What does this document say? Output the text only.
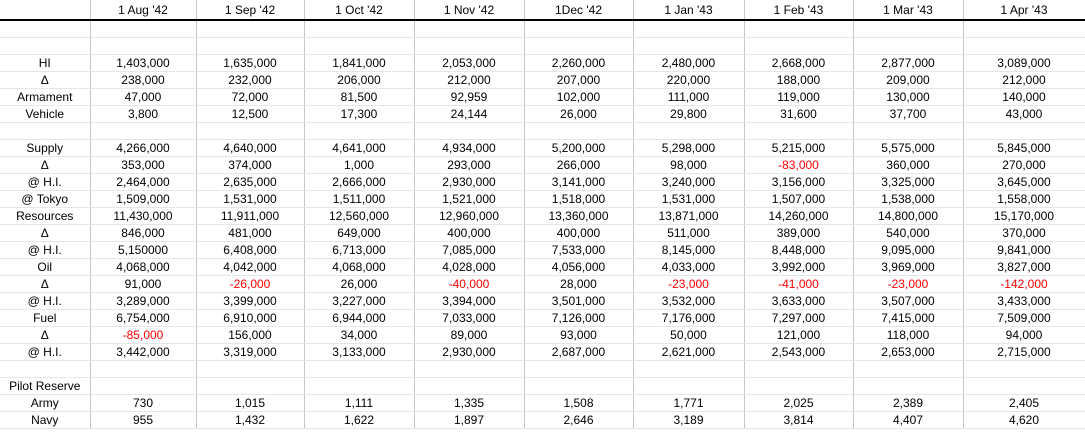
	1 Aug '42	1 Sep '42	1 Oct '42	1 Nov '42	1Dec '42	1 Jan '43	1 Feb '43	1 Mar '43	1 Apr '43

HI	1,403,000	1,635,000	1,841,000	2,053,000	2,260,000	2,480,000	2,668,000	2,877,000	3,089,000
Δ	238,000	232,000	206,000	212,000	207,000	220,000	188,000	209,000	212,000
Armament	47,000	72,000	81,500	92,959	102,000	111,000	119,000	130,000	140,000
Vehicle	3,800	12,500	17,300	24,144	26,000	29,800	31,600	37,700	43,000

Supply	4,266,000	4,640,000	4,641,000	4,934,000	5,200,000	5,298,000	5,215,000	5,575,000	5,845,000
Δ	353,000	374,000	1,000	293,000	266,000	98,000	-83,000	360,000	270,000
@ H.I.	2,464,000	2,635,000	2,666,000	2,930,000	3,141,000	3,240,000	3,156,000	3,325,000	3,645,000
@ Tokyo	1,509,000	1,531,000	1,511,000	1,521,000	1,518,000	1,531,000	1,507,000	1,538,000	1,558,000
Resources	11,430,000	11,911,000	12,560,000	12,960,000	13,360,000	13,871,000	14,260,000	14,800,000	15,170,000
Δ	846,000	481,000	649,000	400,000	400,000	511,000	389,000	540,000	370,000
@ H.I.	5,150000	6,408,000	6,713,000	7,085,000	7,533,000	8,145,000	8,448,000	9,095,000	9,841,000
Oil	4,068,000	4,042,000	4,068,000	4,028,000	4,056,000	4,033,000	3,992,000	3,969,000	3,827,000
Δ	91,000	-26,000	26,000	-40,000	28,000	-23,000	-41,000	-23,000	-142,000
@ H.I.	3,289,000	3,399,000	3,227,000	3,394,000	3,501,000	3,532,000	3,633,000	3,507,000	3,433,000
Fuel	6,754,000	6,910,000	6,944,000	7,033,000	7,126,000	7,176,000	7,297,000	7,415,000	7,509,000
Δ	-85,000	156,000	34,000	89,000	93,000	50,000	121,000	118,000	94,000
@ H.I.	3,442,000	3,319,000	3,133,000	2,930,000	2,687,000	2,621,000	2,543,000	2,653,000	2,715,000

Pilot Reserve									
Army	730	1,015	1,111	1,335	1,508	1,771	2,025	2,389	2,405
Navy	955	1,432	1,622	1,897	2,646	3,189	3,814	4,407	4,620
